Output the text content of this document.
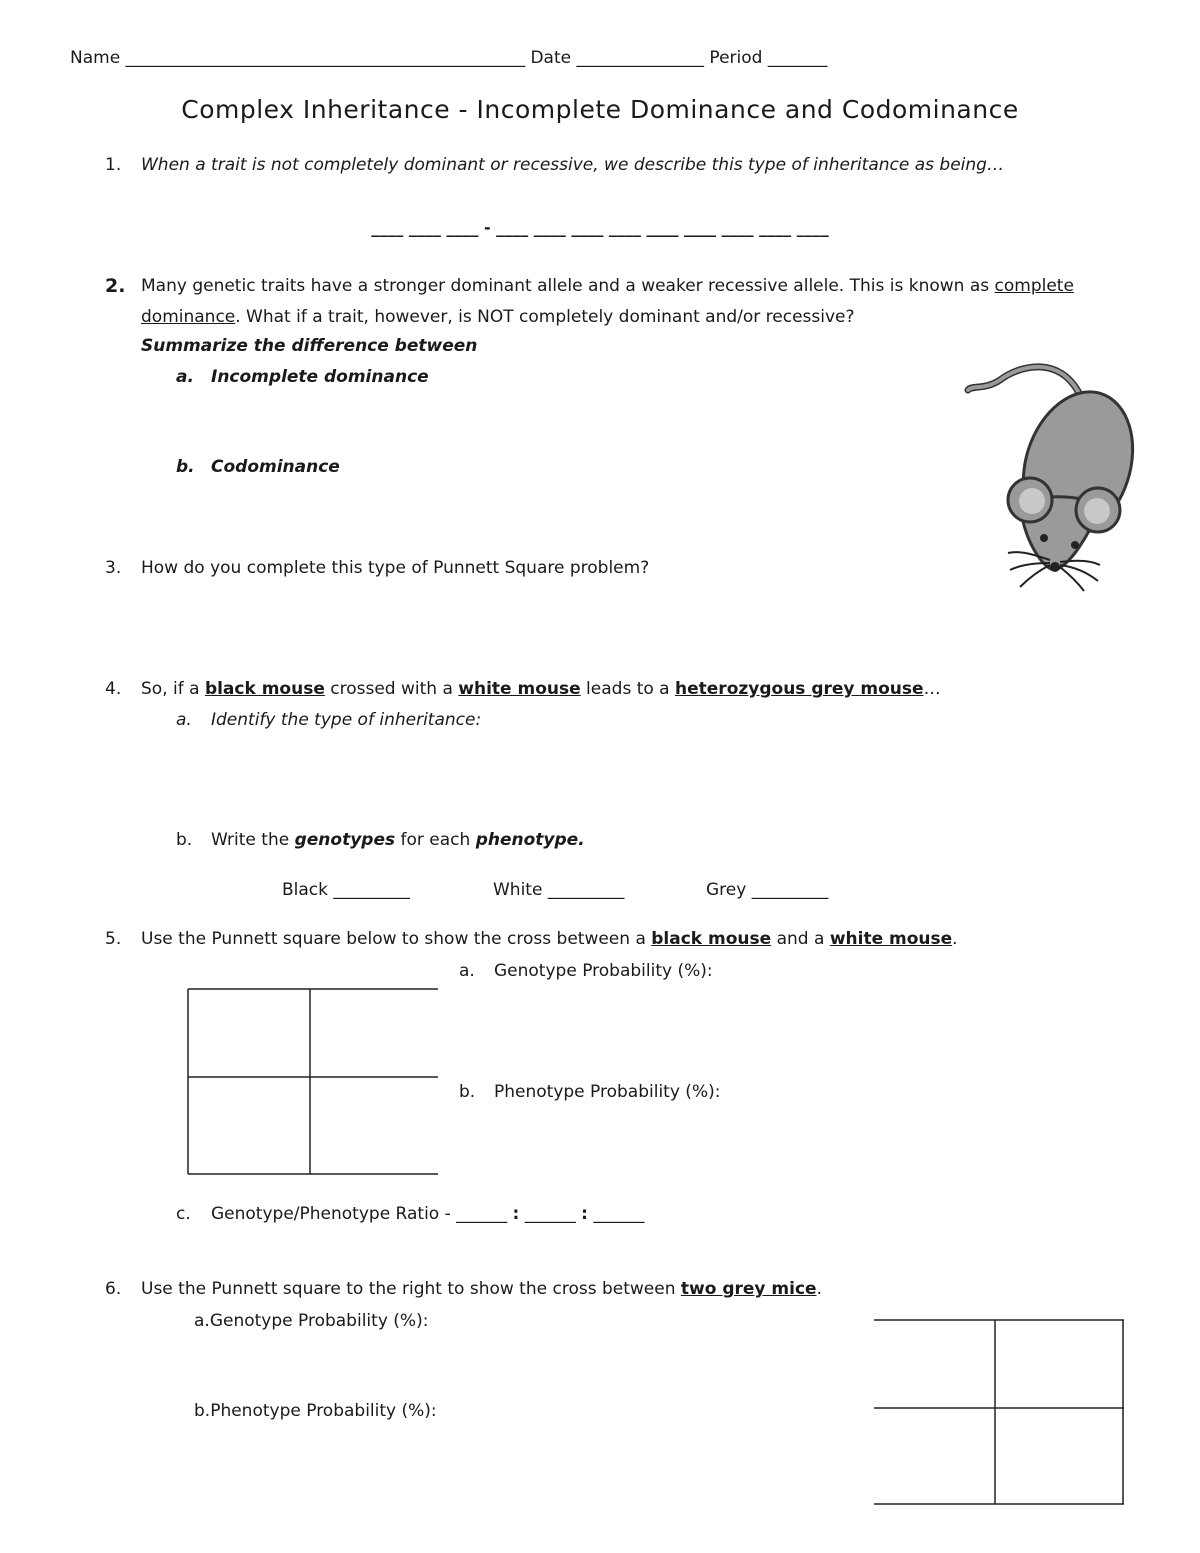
Name _______________________________________________ Date _______________ Period _______
Complex Inheritance - Incomplete Dominance and Codominance
1. When a trait is not completely dominant or recessive, we describe this type of inheritance as being…
____ ____ ____ - ____ ____ ____ ____ ____ ____ ____ ____ ____
2. Many genetic traits have a stronger dominant allele and a weaker recessive allele. This is known as complete
dominance. What if a trait, however, is NOT completely dominant and/or recessive?
Summarize the difference between
a. Incomplete dominance
b. Codominance
3. How do you complete this type of Punnett Square problem?
4. So, if a black mouse crossed with a white mouse leads to a heterozygous grey mouse…
a. Identify the type of inheritance:
b. Write the genotypes for each phenotype.
Black _________	White _________	Grey _________
5. Use the Punnett square below to show the cross between a black mouse and a white mouse.
a. Genotype Probability (%):
b. Phenotype Probability (%):
c. Genotype/Phenotype Ratio - ______ : ______ : ______
6. Use the Punnett square to the right to show the cross between two grey mice.
a.Genotype Probability (%):
b.Phenotype Probability (%):
